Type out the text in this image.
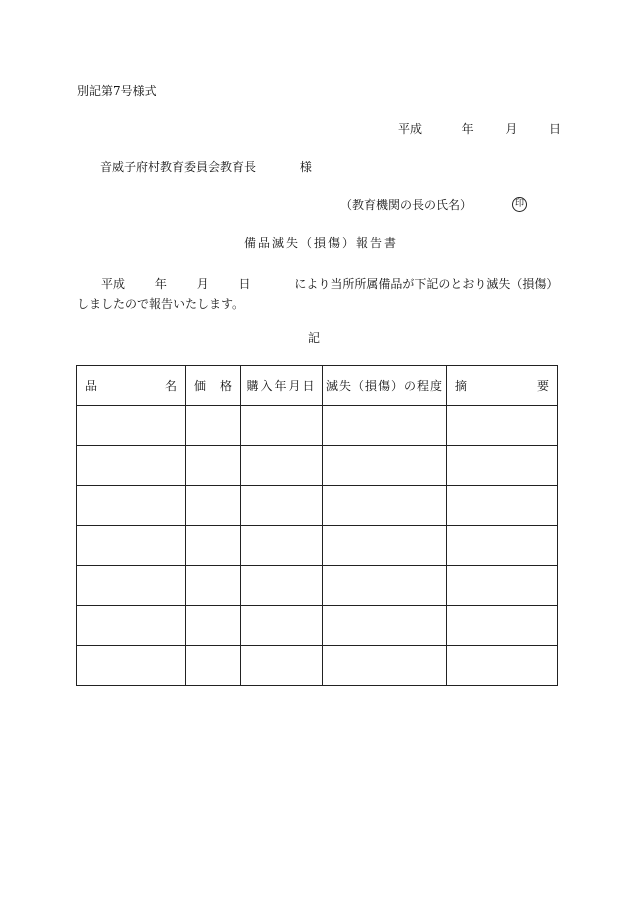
別記第7号様式
平成	年	月	日
音威子府村教育委員会教育長	様
（教育機関の長の氏名）	印
備品滅失（損傷）報告書
平成 年 月 日	により当所所属備品が下記のとおり滅失（損傷）しましたので報告いたします。
記
品 名	価 格	購入年月日	滅失（損傷）の程度	摘 要
